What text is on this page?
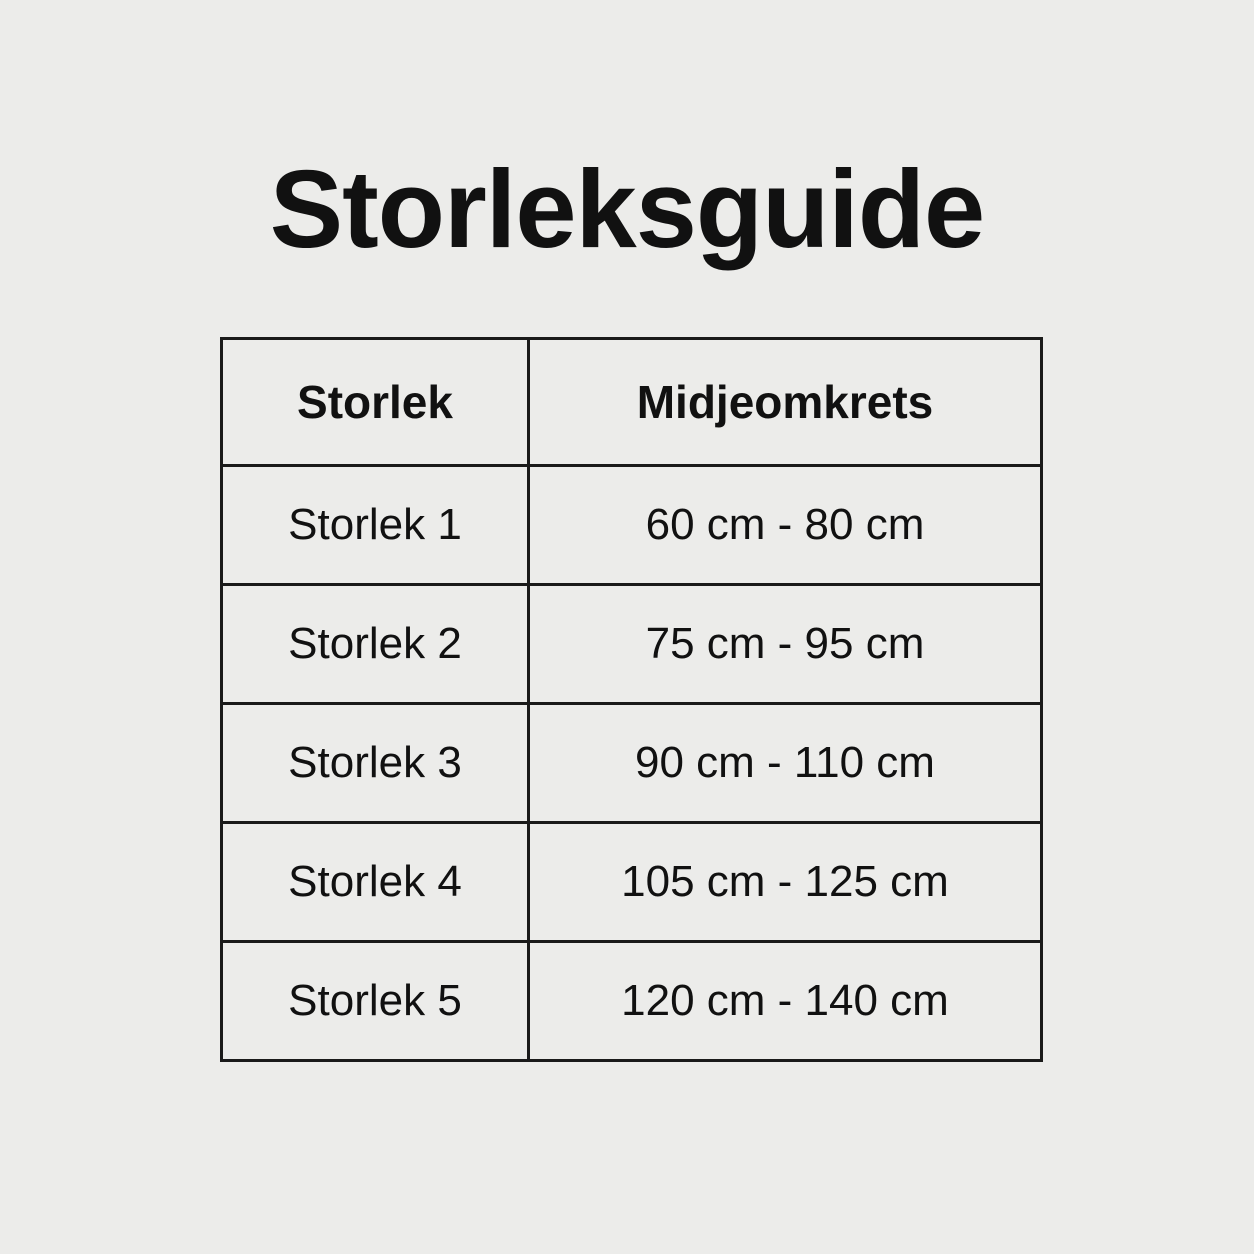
Storleksguide
Storlek	Midjeomkrets
Storlek 1	60 cm - 80 cm
Storlek 2	75 cm - 95 cm
Storlek 3	90 cm - 110 cm
Storlek 4	105 cm - 125 cm
Storlek 5	120 cm - 140 cm
